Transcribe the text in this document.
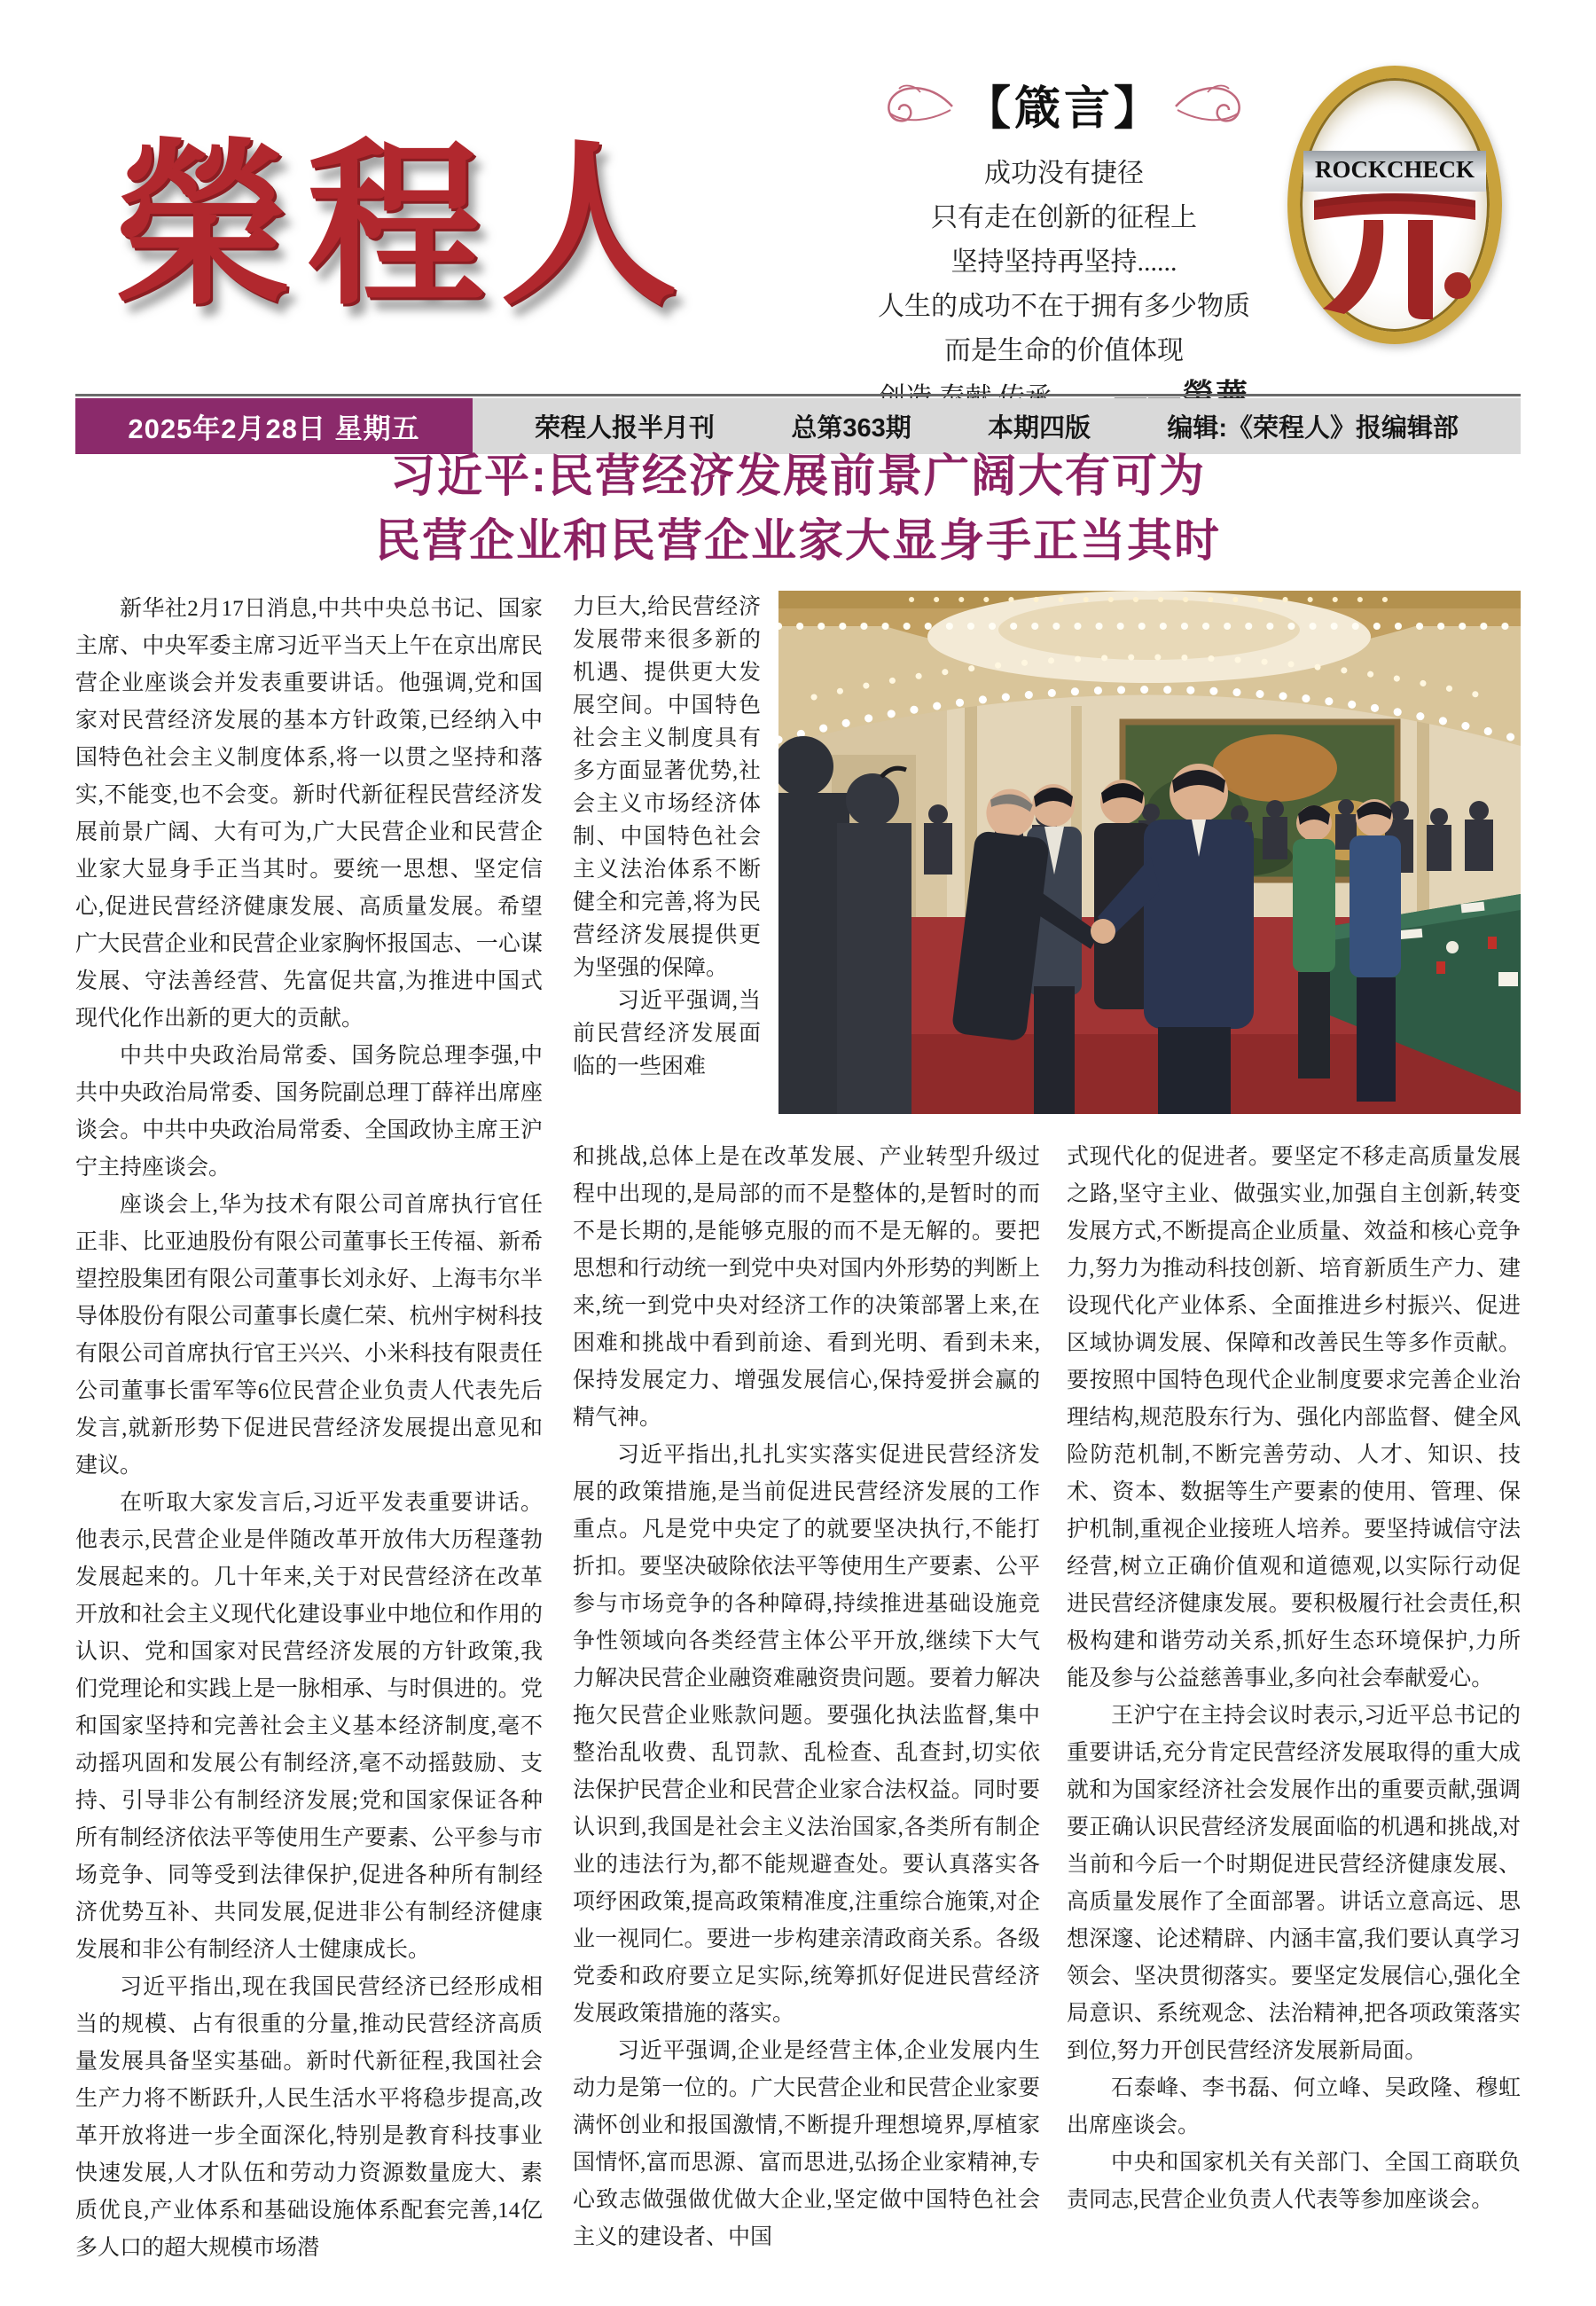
榮程人
【箴言】
成功没有捷径
只有走在创新的征程上
坚持坚持再坚持......
人生的成功不在于拥有多少物质
而是生命的价值体现
ROCKCHECK
2025年2月28日 星期五	荣程人报半月刊	总第363期	本期四版	编辑:《荣程人》报编辑部
习近平:民营经济发展前景广阔大有可为
民营企业和民营企业家大显身手正当其时

新华社2月17日消息,中共中央总书记、国家主席、中央军委主席习近平当天上午在京出席民营企业座谈会并发表重要讲话。他强调,党和国家对民营经济发展的基本方针政策,已经纳入中国特色社会主义制度体系,将一以贯之坚持和落实,不能变,也不会变。新时代新征程民营经济发展前景广阔、大有可为,广大民营企业和民营企业家大显身手正当其时。要统一思想、坚定信心,促进民营经济健康发展、高质量发展。希望广大民营企业和民营企业家胸怀报国志、一心谋发展、守法善经营、先富促共富,为推进中国式现代化作出新的更大的贡献。

中共中央政治局常委、国务院总理李强,中共中央政治局常委、国务院副总理丁薛祥出席座谈会。中共中央政治局常委、全国政协主席王沪宁主持座谈会。

座谈会上,华为技术有限公司首席执行官任正非、比亚迪股份有限公司董事长王传福、新希望控股集团有限公司董事长刘永好、上海韦尔半导体股份有限公司董事长虞仁荣、杭州宇树科技有限公司首席执行官王兴兴、小米科技有限责任公司董事长雷军等6位民营企业负责人代表先后发言,就新形势下促进民营经济发展提出意见和建议。

在听取大家发言后,习近平发表重要讲话。他表示,民营企业是伴随改革开放伟大历程蓬勃发展起来的。几十年来,关于对民营经济在改革开放和社会主义现代化建设事业中地位和作用的认识、党和国家对民营经济发展的方针政策,我们党理论和实践上是一脉相承、与时俱进的。党和国家坚持和完善社会主义基本经济制度,毫不动摇巩固和发展公有制经济,毫不动摇鼓励、支持、引导非公有制经济发展;党和国家保证各种所有制经济依法平等使用生产要素、公平参与市场竞争、同等受到法律保护,促进各种所有制经济优势互补、共同发展,促进非公有制经济健康发展和非公有制经济人士健康成长。

习近平指出,现在我国民营经济已经形成相当的规模、占有很重的分量,推动民营经济高质量发展具备坚实基础。新时代新征程,我国社会生产力将不断跃升,人民生活水平将稳步提高,改革开放将进一步全面深化,特别是教育科技事业快速发展,人才队伍和劳动力资源数量庞大、素质优良,产业体系和基础设施体系配套完善,14亿多人口的超大规模市场潜

力巨大,给民营经济发展带来很多新的机遇、提供更大发展空间。中国特色社会主义制度具有多方面显著优势,社会主义市场经济体制、中国特色社会主义法治体系不断健全和完善,将为民营经济发展提供更为坚强的保障。

习近平强调,当前民营经济发展面临的一些困难

和挑战,总体上是在改革发展、产业转型升级过程中出现的,是局部的而不是整体的,是暂时的而不是长期的,是能够克服的而不是无解的。要把思想和行动统一到党中央对国内外形势的判断上来,统一到党中央对经济工作的决策部署上来,在困难和挑战中看到前途、看到光明、看到未来,保持发展定力、增强发展信心,保持爱拼会赢的精气神。

习近平指出,扎扎实实落实促进民营经济发展的政策措施,是当前促进民营经济发展的工作重点。凡是党中央定了的就要坚决执行,不能打折扣。要坚决破除依法平等使用生产要素、公平参与市场竞争的各种障碍,持续推进基础设施竞争性领域向各类经营主体公平开放,继续下大气力解决民营企业融资难融资贵问题。要着力解决拖欠民营企业账款问题。要强化执法监督,集中整治乱收费、乱罚款、乱检查、乱查封,切实依法保护民营企业和民营企业家合法权益。同时要认识到,我国是社会主义法治国家,各类所有制企业的违法行为,都不能规避查处。要认真落实各项纾困政策,提高政策精准度,注重综合施策,对企业一视同仁。要进一步构建亲清政商关系。各级党委和政府要立足实际,统筹抓好促进民营经济发展政策措施的落实。

习近平强调,企业是经营主体,企业发展内生动力是第一位的。广大民营企业和民营企业家要满怀创业和报国激情,不断提升理想境界,厚植家国情怀,富而思源、富而思进,弘扬企业家精神,专心致志做强做优做大企业,坚定做中国特色社会主义的建设者、中国

式现代化的促进者。要坚定不移走高质量发展之路,坚守主业、做强实业,加强自主创新,转变发展方式,不断提高企业质量、效益和核心竞争力,努力为推动科技创新、培育新质生产力、建设现代化产业体系、全面推进乡村振兴、促进区域协调发展、保障和改善民生等多作贡献。要按照中国特色现代企业制度要求完善企业治理结构,规范股东行为、强化内部监督、健全风险防范机制,不断完善劳动、人才、知识、技术、资本、数据等生产要素的使用、管理、保护机制,重视企业接班人培养。要坚持诚信守法经营,树立正确价值观和道德观,以实际行动促进民营经济健康发展。要积极履行社会责任,积极构建和谐劳动关系,抓好生态环境保护,力所能及参与公益慈善事业,多向社会奉献爱心。

王沪宁在主持会议时表示,习近平总书记的重要讲话,充分肯定民营经济发展取得的重大成就和为国家经济社会发展作出的重要贡献,强调要正确认识民营经济发展面临的机遇和挑战,对当前和今后一个时期促进民营经济健康发展、高质量发展作了全面部署。讲话立意高远、思想深邃、论述精辟、内涵丰富,我们要认真学习领会、坚决贯彻落实。要坚定发展信心,强化全局意识、系统观念、法治精神,把各项政策落实到位,努力开创民营经济发展新局面。

石泰峰、李书磊、何立峰、吴政隆、穆虹出席座谈会。

中央和国家机关有关部门、全国工商联负责同志,民营企业负责人代表等参加座谈会。
